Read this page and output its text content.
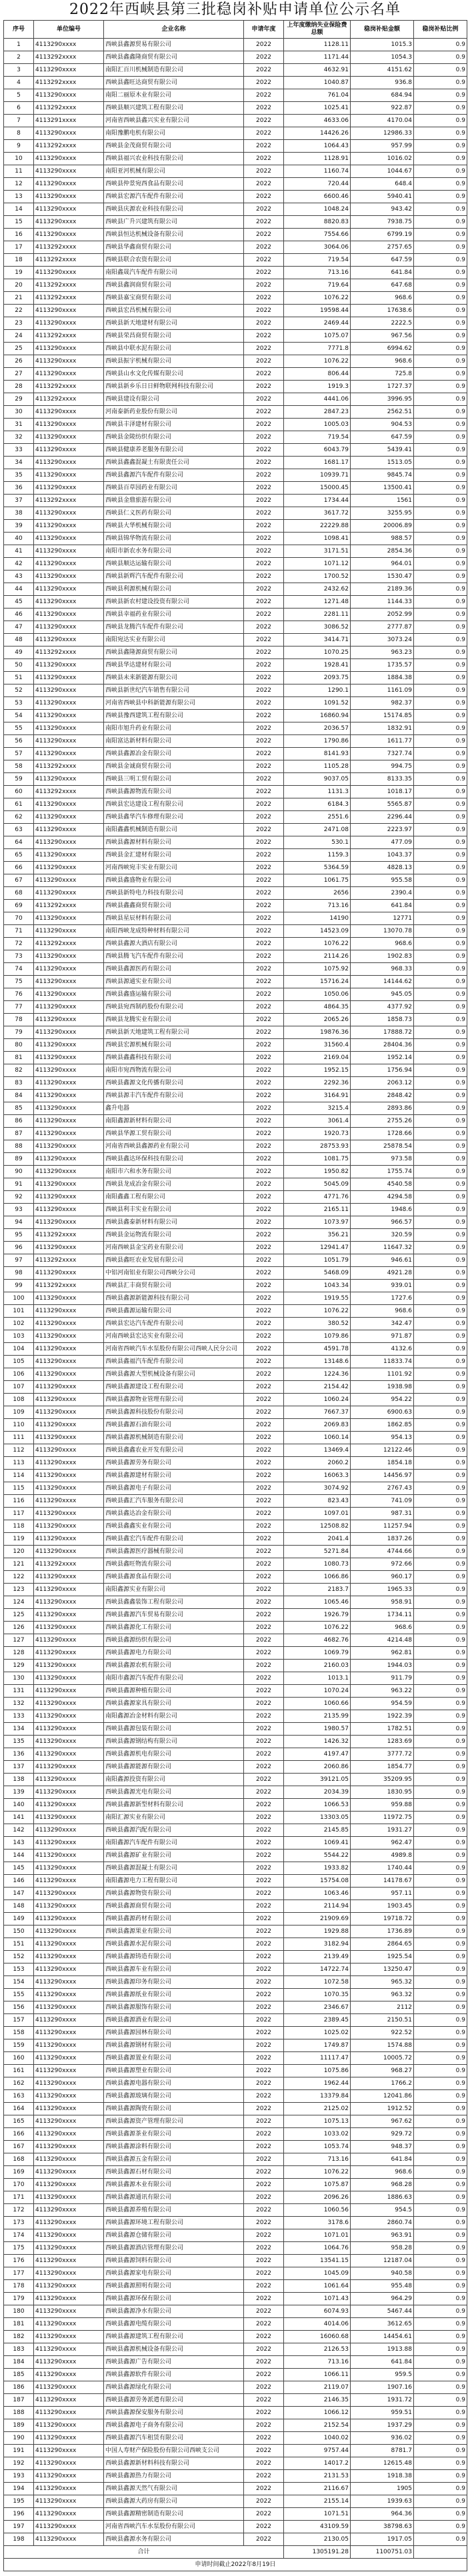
2022年西峡县第三批稳岗补贴申请单位公示名单
序号	单位编号	企业名称	申请年度	上年度缴纳失业保险费总额	稳岗补贴金额	稳岗补贴比例
1	4113290xxxx	西峡县鑫源贸易有限公司	2022	1128.11	1015.3	0.9
2	4113292xxxx	西峡县鑫鑫隆商贸有限公司	2022	1171.44	1054.3	0.9
3	4113290xxxx	南阳汇百川机械制造有限公司	2022	4632.91	4151.62	0.9
4	4113292xxxx	西峡县鑫旺达商贸有限公司	2022	1040.87	936.8	0.9
5	4113290xxxx	南阳二丽原木业有限公司	2022	761.04	684.94	0.9
6	4113292xxxx	西峡县顺兴建筑工程有限公司	2022	1025.41	922.87	0.9
7	4113291xxxx	河南省西峡县鑫兴实业有限公司	2022	4633.06	4170.04	0.9
8	4113290xxxx	南阳豫鹏电机有限公司	2022	14426.26	12986.33	0.9
9	4113292xxxx	西峡县金茂商贸有限公司	2022	1064.43	957.99	0.9
10	4113290xxxx	西峡县福兴农业科技有限公司	2022	1128.91	1016.02	0.9
11	4113290xxxx	南阳亚河机械有限公司	2022	1160.74	1044.67	0.9
12	4113290xxxx	西峡县仲景宛西食品有限公司	2022	720.44	648.4	0.9
13	4113290xxxx	西峡县宏源汽车配件有限公司	2022	6600.46	5940.41	0.9
14	4113290xxxx	西峡县庆源农业科技有限公司	2022	1048.24	943.42	0.9
15	4113290xxxx	西峡县广升兴建筑有限公司	2022	8820.83	7938.75	0.9
16	4113290xxxx	西峡县恒达机械设备有限公司	2022	7554.66	6799.19	0.9
17	4113292xxxx	西峡县华鑫商贸有限公司	2022	3064.06	2757.65	0.9
18	4113292xxxx	西峡县联合农资有限公司	2022	719.54	647.59	0.9
19	4113290xxxx	南阳鑫晟汽车配件有限公司	2022	713.16	641.84	0.9
20	4113292xxxx	西峡县鑫润商贸有限公司	2022	719.64	647.68	0.9
21	4113292xxxx	西峡县嘉宝商贸有限公司	2022	1076.22	968.6	0.9
22	4113290xxxx	西峡县宏昌机械有限公司	2022	19598.44	17638.6	0.9
23	4113290xxxx	西峡县新天地建材有限公司	2022	2469.44	2222.5	0.9
24	4113292xxxx	西峡县荣昌商贸有限公司	2022	1075.07	967.56	0.9
25	4113290xxxx	西峡县中联水泥有限公司	2022	7771.8	6994.62	0.9
26	4113290xxxx	西峡县振宇机械有限公司	2022	1076.22	968.6	0.9
27	4113290xxxx	西峡县山水文化传媒有限公司	2022	806.44	725.8	0.9
28	4113292xxxx	西峡县新乡乐日日鲜物联网科技有限公司	2022	1919.3	1727.37	0.9
29	4113292xxxx	西峡县建设有限公司	2022	4441.06	3996.95	0.9
30	4113290xxxx	河南泰新药业股份有限公司	2022	2847.23	2562.51	0.9
31	4113290xxxx	西峡县丰泽建材有限公司	2022	1005.03	904.53	0.9
32	4113290xxxx	西峡县金陵纺织有限公司	2022	719.54	647.59	0.9
33	4113290xxxx	西峡县健康养老服务有限公司	2022	6043.79	5439.41	0.9
34	4113290xxxx	西峡县鑫鑫混凝土有限责任公司	2022	1681.17	1513.05	0.9
35	4113290xxxx	西峡县鑫源汽车配件有限公司	2022	10939.71	9845.74	0.9
36	4113290xxxx	西峡县百草园药业有限公司	2022	15000.45	13500.41	0.9
37	4113292xxxx	西峡县金鼎旅游有限公司	2022	1734.44	1561	0.9
38	4113290xxxx	西峡县仁义医药有限公司	2022	3617.72	3255.95	0.9
39	4113290xxxx	西峡县大华机械有限公司	2022	22229.88	20006.89	0.9
40	4113290xxxx	西峡县锦华物流有限公司	2022	1098.41	988.57	0.9
41	4113290xxxx	南阳市新农水务有限公司	2022	3171.51	2854.36	0.9
42	4113290xxxx	西峡县顺达运输有限公司	2022	1071.12	964.01	0.9
43	4113290xxxx	西峡县新辉汽车配件有限公司	2022	1700.52	1530.47	0.9
44	4113290xxxx	西峡县利源机械有限公司	2022	2432.62	2189.36	0.9
45	4113290xxxx	西峡县新农村建设投资有限公司	2022	1271.48	1144.33	0.9
46	4113290xxxx	西峡县幸福药业有限公司	2022	2281.11	2052.99	0.9
47	4113290xxxx	西峡县龙腾汽车配件有限公司	2022	3086.52	2777.87	0.9
48	4113290xxxx	南阳宛达实业有限公司	2022	3414.71	3073.24	0.9
49	4113292xxxx	西峡县鑫隆源商贸有限公司	2022	1070.25	963.23	0.9
50	4113290xxxx	西峡县华达建材有限公司	2022	1928.41	1735.57	0.9
51	4113290xxxx	西峡县未来新能源有限公司	2022	2093.75	1884.38	0.9
52	4113290xxxx	西峡县新世纪汽车销售有限公司	2022	1290.1	1161.09	0.9
53	4113290xxxx	河南省西峡县中科新能源有限公司	2022	1091.52	982.37	0.9
54	4113290xxxx	西峡县豫西建筑工程有限公司	2022	16860.94	15174.85	0.9
55	4113290xxxx	南阳市旭升药业有限公司	2022	2036.57	1832.91	0.9
56	4113290xxxx	南阳富达新材料有限公司	2022	1790.86	1611.77	0.9
57	4113290xxxx	西峡县鑫源冶金有限公司	2022	8141.93	7327.74	0.9
58	4113292xxxx	西峡县金诚商贸有限公司	2022	1105.28	994.75	0.9
59	4113290xxxx	西峡县三明工贸有限公司	2022	9037.05	8133.35	0.9
60	4113292xxxx	西峡县鑫源物流有限公司	2022	1131.3	1018.17	0.9
61	4113290xxxx	西峡县宏达建设工程有限公司	2022	6184.3	5565.87	0.9
62	4113290xxxx	西峡县鑫华汽车修理有限公司	2022	2551.6	2296.44	0.9
63	4113290xxxx	南阳鑫鑫机械制造有限公司	2022	2471.08	2223.97	0.9
64	4113290xxxx	西峡县鑫源材料有限公司	2022	530.1	477.09	0.9
65	4113290xxxx	西峡县金汇建材有限公司	2022	1159.3	1043.37	0.9
66	4113290xxxx	河南西峡宛丰实业有限公司	2022	5364.59	4828.13	0.9
67	4113290xxxx	西峡县鑫盛物业有限公司	2022	1061.75	955.58	0.9
68	4113290xxxx	西峡县新特电力科技有限公司	2022	2656	2390.4	0.9
69	4113292xxxx	西峡县鑫鑫商贸有限公司	2022	713.16	641.84	0.9
70	4113290xxxx	西峡县星辰材料有限公司	2022	14190	12771	0.9
71	4113290xxxx	南阳西峡龙成特种材料有限公司	2022	14523.09	13070.78	0.9
72	4113292xxxx	西峡县鑫源大酒店有限公司	2022	1076.22	968.6	0.9
73	4113290xxxx	西峡县腾飞汽车配件有限公司	2022	2114.26	1902.83	0.9
74	4113290xxxx	西峡县鑫源医药有限公司	2022	1075.92	968.33	0.9
75	4113290xxxx	西峡县源通实业有限公司	2022	15716.24	14144.62	0.9
76	4113290xxxx	西峡县鑫盛运输有限公司	2022	1050.06	945.05	0.9
77	4113290xxxx	西峡县宛西制药股份有限公司	2022	4864.35	4377.92	0.9
78	4113290xxxx	西峡县龙腾实业有限公司	2022	2065.26	1858.73	0.9
79	4113290xxxx	西峡县新天地建筑工程有限公司	2022	19876.36	17888.72	0.9
80	4113290xxxx	西峡县宏源机械有限公司	2022	31560.4	28404.36	0.9
81	4113290xxxx	西峡县鑫鑫科技有限公司	2022	2169.04	1952.14	0.9
82	4113290xxxx	南阳市宛西物流有限公司	2022	1952.15	1756.94	0.9
83	4113290xxxx	西峡县鑫源文化传播有限公司	2022	2292.36	2063.12	0.9
84	4113290xxxx	西峡县源丰汽车配件有限公司	2022	3164.91	2848.42	0.9
85	4113290xxxx	鑫升电器	2022	3215.4	2893.86	0.9
86	4113290xxxx	南阳鑫源新材料有限公司	2022	3061.4	2755.26	0.9
87	4113290xxxx	西峡县华源工贸有限公司	2022	1920.73	1728.66	0.9
88	4113290xxxx	河南省西峡县鑫源药业有限公司	2022	28753.93	25878.54	0.9
89	4113290xxxx	西峡县鑫达环保科技有限公司	2022	1081.75	973.58	0.9
90	4113290xxxx	南阳市六和水务有限公司	2022	1950.82	1755.74	0.9
91	4113290xxxx	西峡县龙成冶金有限公司	2022	5045.09	4540.58	0.9
92	4113290xxxx	南阳鑫鑫工程有限公司	2022	4771.76	4294.58	0.9
93	4113290xxxx	西峡县利丰实业有限公司	2022	2165.11	1948.6	0.9
94	4113290xxxx	西峡县鑫泰新材料有限公司	2022	1073.97	966.57	0.9
95	4113292xxxx	西峡县金运物流有限公司	2022	356.21	320.59	0.9
96	4113290xxxx	河南西峡县金宝药业有限公司	2022	12941.47	11647.32	0.9
97	4113292xxxx	西峡县鑫旺农业发展有限公司	2022	1051.79	946.61	0.9
98	4113290xxxx	中铝河南铝业有限公司西峡分公司	2022	5468.09	4921.28	0.9
99	4113292xxxx	西峡县汇丰商贸有限公司	2022	1043.34	939.01	0.9
100	4113290xxxx	西峡县鑫源新能源科技有限公司	2022	1919.55	1727.6	0.9
101	4113290xxxx	西峡县鑫源运输有限公司	2022	1076.22	968.6	0.9
102	4113290xxxx	西峡县宏达汽车配件有限公司	2022	380.52	342.47	0.9
103	4113290xxxx	河南西峡县宏达实业有限公司	2022	1079.86	971.87	0.9
104	4113290xxxx	河南省西峡汽车水泵股份有限公司西峡人民分公司	2022	4591.78	4132.6	0.9
105	4113290xxxx	西峡县鑫福汽车配件有限公司	2022	13148.6	11833.74	0.9
106	4113290xxxx	西峡县鑫源大型机械设备有限公司	2022	1224.36	1101.92	0.9
107	4113290xxxx	西峡县鑫源建设工程有限公司	2022	2154.42	1938.98	0.9
108	4113290xxxx	西峡县鑫源物业管理有限公司	2022	1060.24	954.22	0.9
109	4113290xxxx	西峡县鑫源科技股份有限公司	2022	7667.37	6900.63	0.9
110	4113290xxxx	西峡县鑫源石油有限公司	2022	2069.83	1862.85	0.9
111	4113290xxxx	西峡县鑫源机械制造有限公司	2022	1060.14	954.13	0.9
112	4113290xxxx	西峡县鑫鑫农业开发有限公司	2022	13469.4	12122.46	0.9
113	4113290xxxx	西峡县鑫源劳务有限公司	2022	2060.2	1854.18	0.9
114	4113290xxxx	西峡县鑫源建材有限公司	2022	16063.3	14456.97	0.9
115	4113290xxxx	西峡县鑫源电子有限公司	2022	3074.92	2767.43	0.9
116	4113290xxxx	西峡县鑫汇汽车服务有限公司	2022	823.43	741.09	0.9
117	4113290xxxx	西峡县鑫达冶金有限公司	2022	1097.01	987.31	0.9
118	4113290xxxx	西峡县鑫鑫实业有限公司	2022	12508.82	11257.94	0.9
119	4113290xxxx	西峡县鑫宏汽车配件有限公司	2022	2041.4	1837.26	0.9
120	4113290xxxx	西峡县鑫源医疗器械有限公司	2022	5271.84	4744.66	0.9
121	4113292xxxx	西峡县鑫旺物流有限公司	2022	1080.73	972.66	0.9
122	4113290xxxx	西峡县鑫源食品有限公司	2022	1066.86	960.17	0.9
123	4113290xxxx	南阳鑫源实业有限公司	2022	2183.7	1965.33	0.9
124	4113290xxxx	西峡县鑫鑫装饰工程有限公司	2022	1065.46	958.91	0.9
125	4113290xxxx	西峡县鑫源汽车贸易有限公司	2022	1926.79	1734.11	0.9
126	4113290xxxx	西峡县鑫源化工有限公司	2022	1076.22	968.6	0.9
127	4113290xxxx	西峡县鑫源纺织有限公司	2022	4682.76	4214.48	0.9
128	4113290xxxx	西峡县鑫源电力有限公司	2022	1069.79	962.81	0.9
129	4113290xxxx	西峡县鑫源农机有限公司	2022	2160.03	1944.03	0.9
130	4113290xxxx	南阳市鑫源汽车配件有限公司	2022	1013.1	911.79	0.9
131	4113290xxxx	西峡县鑫源种植有限公司	2022	1070.24	963.22	0.9
132	4113290xxxx	西峡县鑫源家具有限公司	2022	1060.66	954.59	0.9
133	4113290xxxx	南阳鑫源冶金材料有限公司	2022	2135.99	1922.39	0.9
134	4113290xxxx	西峡县鑫源包装有限公司	2022	1980.57	1782.51	0.9
135	4113290xxxx	西峡县鑫源钢结构有限公司	2022	1426.32	1283.69	0.9
136	4113290xxxx	西峡县鑫源机电有限公司	2022	4197.47	3777.72	0.9
137	4113290xxxx	西峡县鑫源能源有限公司	2022	2060.86	1854.77	0.9
138	4113290xxxx	南阳鑫源投资有限公司	2022	39121.05	35209.95	0.9
139	4113290xxxx	西峡县鑫源光电有限公司	2022	2034.39	1830.95	0.9
140	4113290xxxx	西峡县鑫源新型材料有限公司	2022	1066.53	959.88	0.9
141	4113290xxxx	南阳汇源实业有限公司	2022	13303.05	11972.75	0.9
142	4113290xxxx	西峡县鑫源汽配有限公司	2022	2145.85	1931.27	0.9
143	4113290xxxx	南阳鑫源汽车配件有限公司	2022	1069.41	962.47	0.9
144	4113290xxxx	西峡县鑫源矿业有限公司	2022	5544.22	4989.8	0.9
145	4113290xxxx	西峡县鑫源混凝土有限公司	2022	1933.82	1740.44	0.9
146	4113290xxxx	南阳鑫源电力工程有限公司	2022	15754.08	14178.67	0.9
147	4113290xxxx	西峡县鑫源物资有限公司	2022	1063.46	957.11	0.9
148	4113290xxxx	西峡县鑫源商贸有限公司	2022	2114.94	1903.45	0.9
149	4113290xxxx	西峡县鑫源药材有限公司	2022	21909.69	19718.72	0.9
150	4113290xxxx	西峡县鑫源果业有限公司	2022	1929.88	1736.89	0.9
151	4113290xxxx	西峡县鑫源水泥有限公司	2022	3182.94	2864.65	0.9
152	4113290xxxx	西峡县鑫源铸造有限公司	2022	2139.49	1925.54	0.9
153	4113290xxxx	西峡县鑫源车业有限公司	2022	14722.74	13250.47	0.9
154	4113290xxxx	西峡县鑫源印务有限公司	2022	1072.58	965.32	0.9
155	4113290xxxx	西峡县鑫源纸业有限公司	2022	1070.35	963.32	0.9
156	4113290xxxx	西峡县鑫源服饰有限公司	2022	2346.67	2112	0.9
157	4113290xxxx	西峡县鑫源酒业有限公司	2022	2389.45	2150.51	0.9
158	4113290xxxx	西峡县鑫源园林有限公司	2022	1025.02	922.52	0.9
159	4113290xxxx	西峡县鑫源钢材有限公司	2022	1749.87	1574.88	0.9
160	4113290xxxx	西峡县鑫源置业有限公司	2022	11117.47	10005.72	0.9
161	4113290xxxx	西峡县鑫源塑业有限公司	2022	1075.86	968.27	0.9
162	4113290xxxx	西峡县鑫源电器有限公司	2022	1962.44	1766.2	0.9
163	4113290xxxx	西峡县鑫源玻璃有限公司	2022	13379.84	12041.86	0.9
164	4113290xxxx	西峡县鑫源陶瓷有限公司	2022	2125.02	1912.52	0.9
165	4113290xxxx	西峡县鑫源资产管理有限公司	2022	1075.13	967.62	0.9
166	4113290xxxx	西峡县鑫源茶业有限公司	2022	1033.02	929.72	0.9
167	4113290xxxx	西峡县鑫源涂料有限公司	2022	1053.74	948.37	0.9
168	4113290xxxx	西峡县鑫源五金有限公司	2022	713.16	641.84	0.9
169	4113290xxxx	西峡县鑫源石材有限公司	2022	1076.22	968.6	0.9
170	4113290xxxx	西峡县鑫源木业有限公司	2022	1075.87	968.28	0.9
171	4113290xxxx	西峡县鑫源通讯有限公司	2022	2096.26	1886.63	0.9
172	4113290xxxx	西峡县鑫源养殖有限公司	2022	1060.56	954.5	0.9
173	4113290xxxx	西峡县鑫源环境工程有限公司	2022	3178.6	2860.74	0.9
174	4113290xxxx	西峡县鑫源仓储有限公司	2022	1071.01	963.91	0.9
175	4113290xxxx	西峡县鑫源酒店管理有限公司	2022	1064.76	958.28	0.9
176	4113290xxxx	西峡县鑫源饲料有限公司	2022	13541.15	12187.04	0.9
177	4113290xxxx	西峡县鑫源家电有限公司	2022	1045.09	940.58	0.9
178	4113290xxxx	西峡县鑫源照明有限公司	2022	1061.64	955.48	0.9
179	4113290xxxx	西峡县鑫源环保有限公司	2022	1071.43	964.29	0.9
180	4113290xxxx	西峡县鑫源净水有限公司	2022	6074.93	5467.44	0.9
181	4113290xxxx	西峡县鑫源电缆有限公司	2022	4014.06	3612.65	0.9
182	4113290xxxx	西峡县鑫源建筑工程有限公司	2022	16060.68	14454.61	0.9
183	4113290xxxx	西峡县鑫源机械设备有限公司	2022	2126.53	1913.88	0.9
184	4113290xxxx	西峡县鑫源广告有限公司	2022	713.16	641.84	0.9
185	4113290xxxx	西峡县鑫源软件有限公司	2022	1066.11	959.5	0.9
186	4113290xxxx	西峡县鑫源绿化有限公司	2022	2119.07	1907.16	0.9
187	4113290xxxx	西峡县鑫源劳务派遣有限公司	2022	2146.35	1931.72	0.9
188	4113290xxxx	西峡县鑫源保安服务有限公司	2022	1066.12	959.51	0.9
189	4113290xxxx	西峡县鑫源电子商务有限公司	2022	2152.54	1937.29	0.9
190	4113290xxxx	西峡县鑫源汽车租赁有限公司	2022	1040.02	936.02	0.9
191	4113290xxxx	中国人寿财产保险股份有限公司西峡支公司	2022	9757.44	8781.7	0.9
192	4113290xxxx	西峡县鑫源新材料科技有限公司	2022	14017.2	12615.48	0.9
193	4113290xxxx	西峡县鑫源热力有限公司	2022	2131.53	1918.38	0.9
194	4113290xxxx	西峡县鑫源天然气有限公司	2022	2116.67	1905	0.9
195	4113290xxxx	西峡县鑫源大药房有限公司	2022	2155.14	1939.63	0.9
196	4113290xxxx	西峡县鑫源精密制造有限公司	2022	1071.51	964.36	0.9
197	4113290xxxx	河南省西峡汽车水泵股份有限公司	2022	43109.59	38798.63	0.9
198	4113290xxxx	西峡县鑫源水务有限公司	2022	2130.05	1917.05	0.9
合计				1305191.28	1100751.03	
申请时间截止2022年8月19日						
